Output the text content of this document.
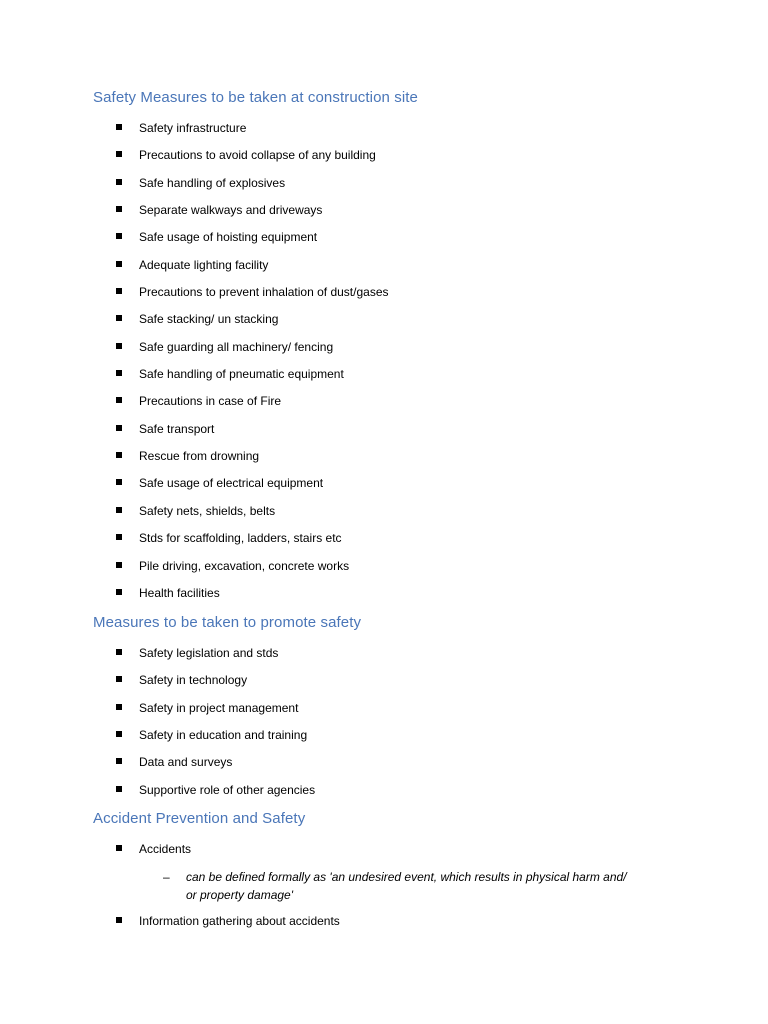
Safety Measures to be taken at construction site
Safety infrastructure
Precautions to avoid collapse of any building
Safe handling of explosives
Separate walkways and driveways
Safe usage of hoisting equipment
Adequate lighting facility
Precautions to prevent inhalation of dust/gases
Safe stacking/ un stacking
Safe guarding all machinery/ fencing
Safe handling of pneumatic equipment
Precautions in case of Fire
Safe transport
Rescue from drowning
Safe usage of electrical equipment
Safety nets, shields, belts
Stds for scaffolding, ladders, stairs etc
Pile driving, excavation, concrete works
Health facilities
Measures to be taken to promote safety
Safety legislation and stds
Safety in technology
Safety in project management
Safety in education and training
Data and surveys
Supportive role of other agencies
Accident Prevention and Safety
Accidents
– can be defined formally as 'an undesired event, which results in physical harm and/
or property damage'
Information gathering about accidents
